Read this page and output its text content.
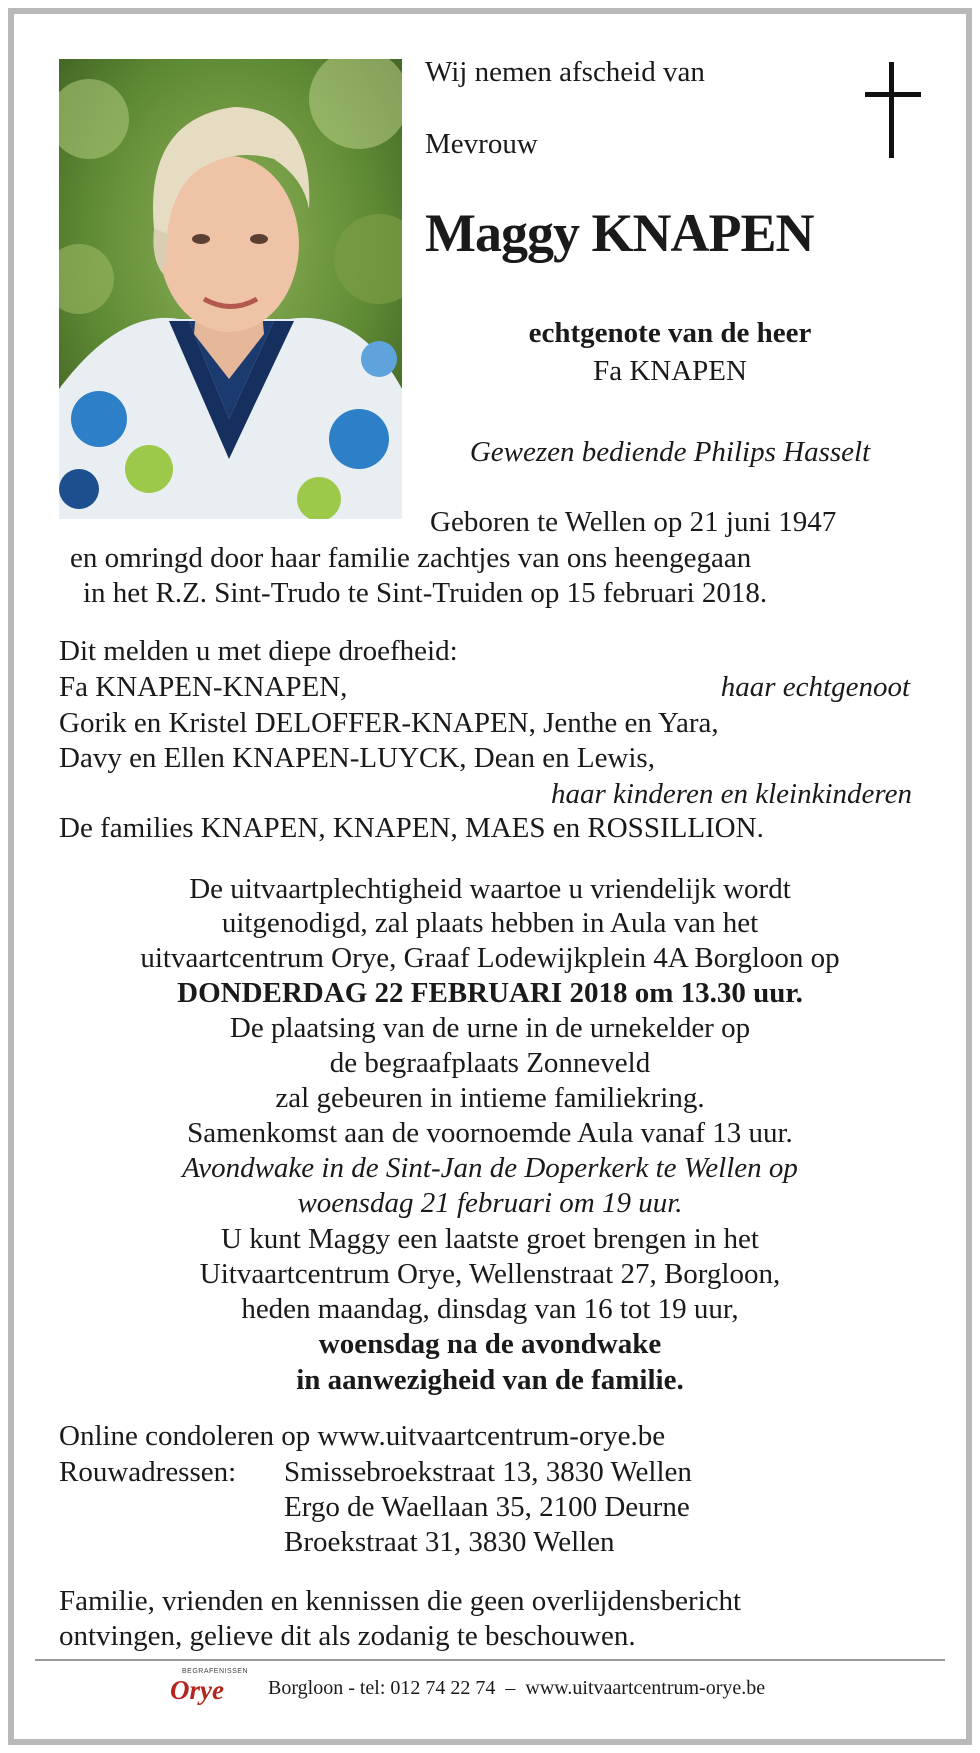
Wij nemen afscheid van
Mevrouw
Maggy KNAPEN
echtgenote van de heer
Fa KNAPEN
Gewezen bediende Philips Hasselt
Geboren te Wellen op 21 juni 1947
en omringd door haar familie zachtjes van ons heengegaan
in het R.Z. Sint-Trudo te Sint-Truiden op 15 februari 2018.
Dit melden u met diepe droefheid:
Fa KNAPEN-KNAPEN,	haar echtgenoot
Gorik en Kristel DELOFFER-KNAPEN, Jenthe en Yara,
Davy en Ellen KNAPEN-LUYCK, Dean en Lewis,
haar kinderen en kleinkinderen
De families KNAPEN, KNAPEN, MAES en ROSSILLION.
De uitvaartplechtigheid waartoe u vriendelijk wordt
uitgenodigd, zal plaats hebben in Aula van het
uitvaartcentrum Orye, Graaf Lodewijkplein 4A Borgloon op
DONDERDAG 22 FEBRUARI 2018 om 13.30 uur.
De plaatsing van de urne in de urnekelder op
de begraafplaats Zonneveld
zal gebeuren in intieme familiekring.
Samenkomst aan de voornoemde Aula vanaf 13 uur.
Avondwake in de Sint-Jan de Doperkerk te Wellen op
woensdag 21 februari om 19 uur.
U kunt Maggy een laatste groet brengen in het
Uitvaartcentrum Orye, Wellenstraat 27, Borgloon,
heden maandag, dinsdag van 16 tot 19 uur,
woensdag na de avondwake
in aanwezigheid van de familie.
Online condoleren op www.uitvaartcentrum-orye.be
Rouwadressen: Smissebroekstraat 13, 3830 Wellen
Ergo de Waellaan 35, 2100 Deurne
Broekstraat 31, 3830 Wellen
Familie, vrienden en kennissen die geen overlijdensbericht
ontvingen, gelieve dit als zodanig te beschouwen.
BEGRAFENISSEN
Orye Borgloon - tel: 012 74 22 74  –  www.uitvaartcentrum-orye.be
